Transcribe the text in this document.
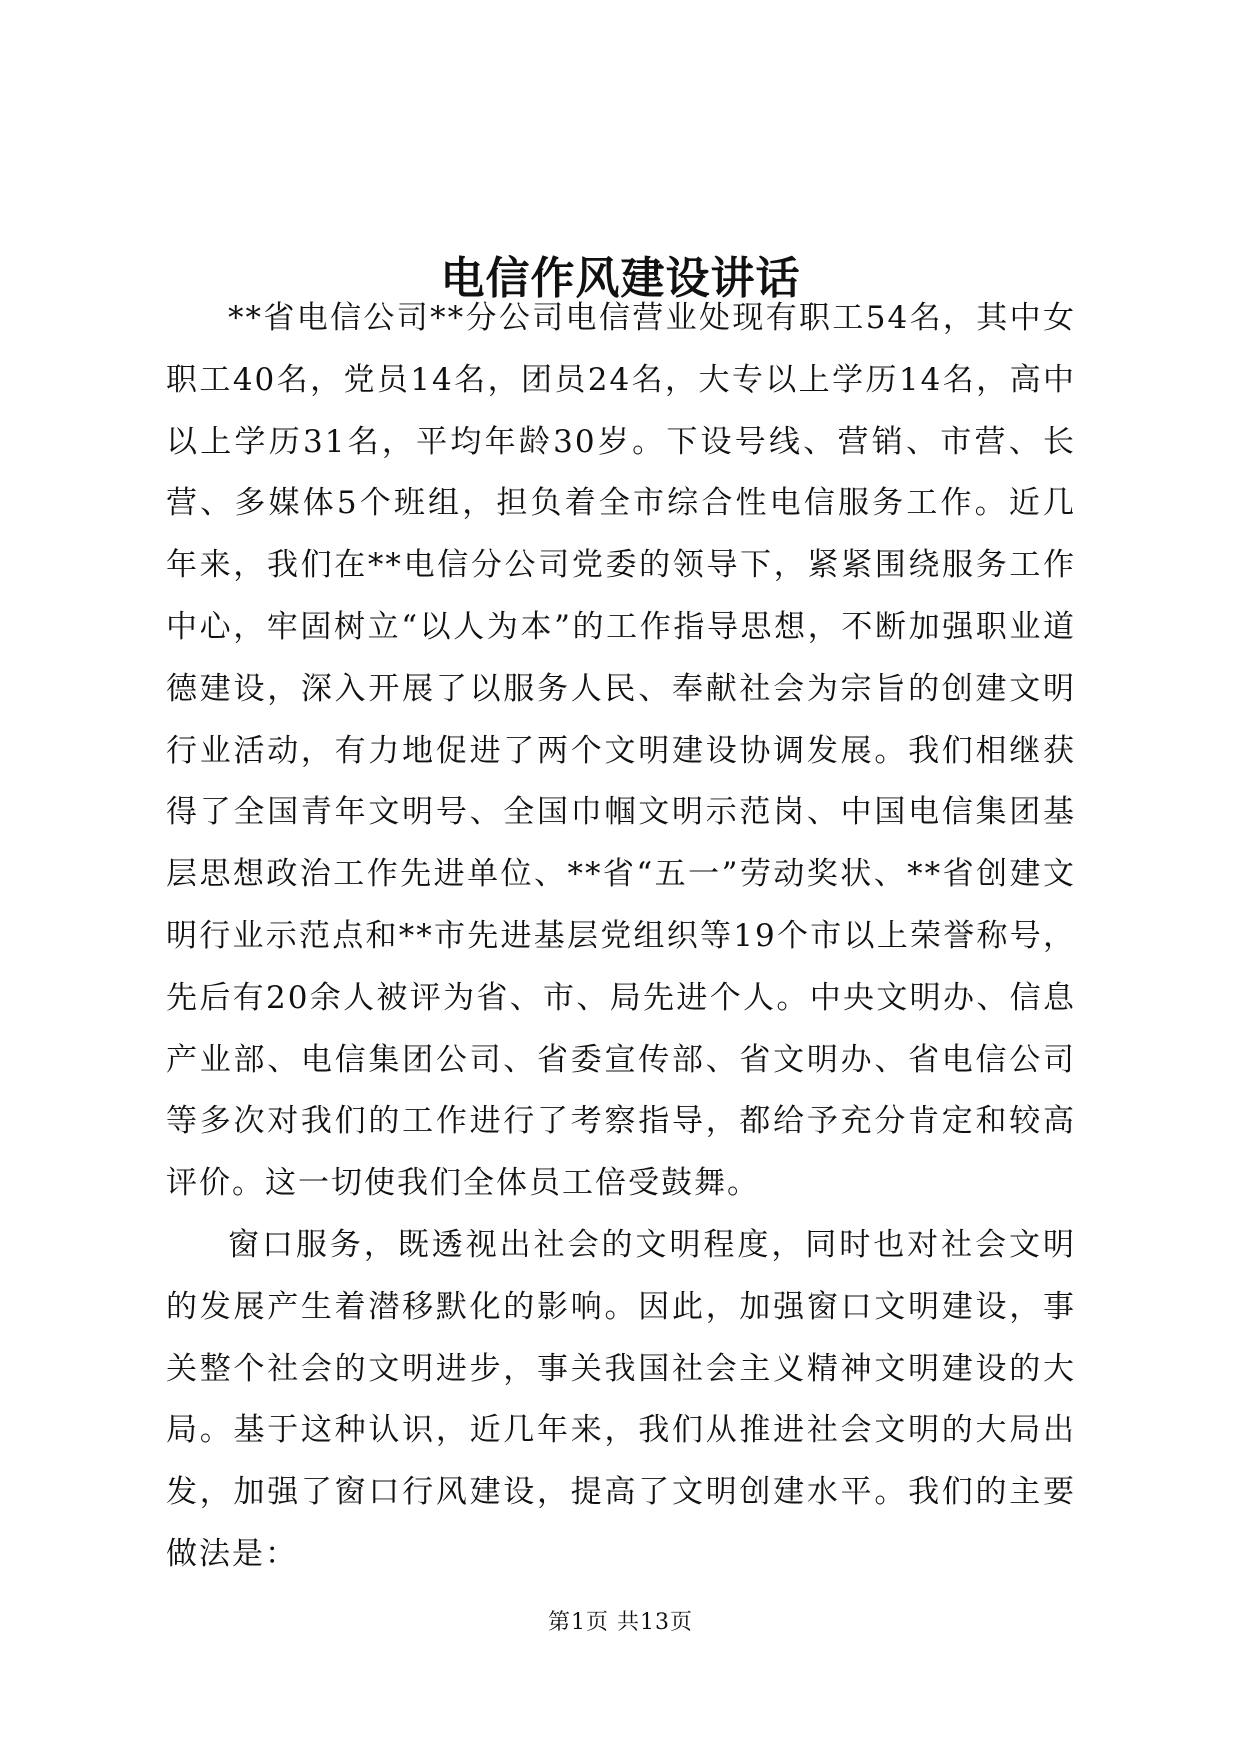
电信作风建设讲话

**省电信公司**分公司电信营业处现有职工54名，其中女职工40名，党员14名，团员24名，大专以上学历14名，高中以上学历31名，平均年龄30岁。下设号线、营销、市营、长营、多媒体5个班组，担负着全市综合性电信服务工作。近几年来，我们在**电信分公司党委的领导下，紧紧围绕服务工作中心，牢固树立“以人为本”的工作指导思想，不断加强职业道德建设，深入开展了以服务人民、奉献社会为宗旨的创建文明行业活动，有力地促进了两个文明建设协调发展。我们相继获得了全国青年文明号、全国巾帼文明示范岗、中国电信集团基层思想政治工作先进单位、**省“五一”劳动奖状、**省创建文明行业示范点和**市先进基层党组织等19个市以上荣誉称号，先后有20余人被评为省、市、局先进个人。中央文明办、信息产业部、电信集团公司、省委宣传部、省文明办、省电信公司等多次对我们的工作进行了考察指导，都给予充分肯定和较高评价。这一切使我们全体员工倍受鼓舞。

窗口服务，既透视出社会的文明程度，同时也对社会文明的发展产生着潜移默化的影响。因此，加强窗口文明建设，事关整个社会的文明进步，事关我国社会主义精神文明建设的大局。基于这种认识，近几年来，我们从推进社会文明的大局出发，加强了窗口行风建设，提高了文明创建水平。我们的主要做法是：

第1页 共13页
